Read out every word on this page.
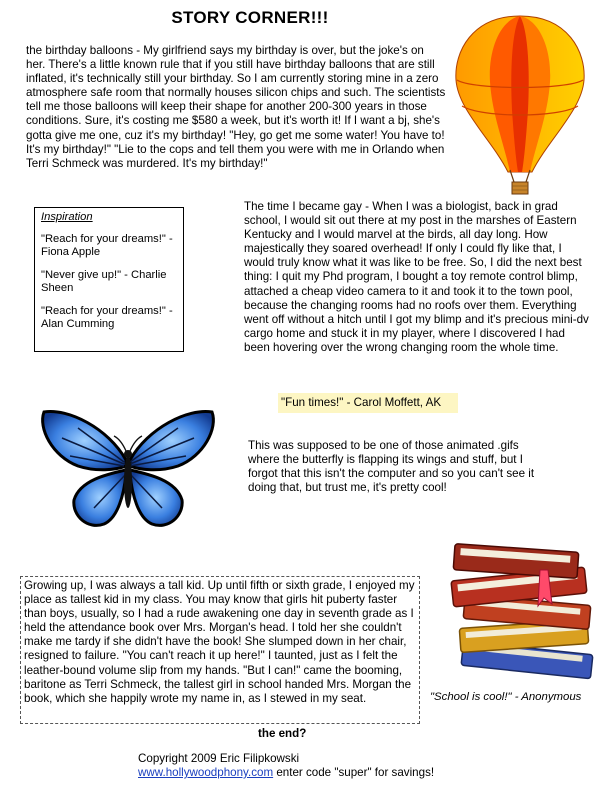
STORY CORNER!!!
the birthday balloons - My girlfriend says my birthday is over, but the joke's on her. There's a little known rule that if you still have birthday balloons that are still inflated, it's technically still your birthday. So I am currently storing mine in a zero atmosphere safe room that normally houses silicon chips and such. The scientists tell me those balloons will keep their shape for another 200-300 years in those conditions. Sure, it's costing me $580 a week, but it's worth it! If I want a bj, she's gotta give me one, cuz it's my birthday! "Hey, go get me some water! You have to! It's my birthday!" "Lie to the cops and tell them you were with me in Orlando when Terri Schmeck was murdered. It's my birthday!"
Inspiration
"Reach for your dreams!" - Fiona Apple
"Never give up!" - Charlie Sheen
"Reach for your dreams!" - Alan Cumming
The time I became gay - When I was a biologist, back in grad school, I would sit out there at my post in the marshes of Eastern Kentucky and I would marvel at the birds, all day long. How majestically they soared overhead! If only I could fly like that, I would truly know what it was like to be free. So, I did the next best thing: I quit my Phd program, I bought a toy remote control blimp, attached a cheap video camera to it and took it to the town pool, because the changing rooms had no roofs over them. Everything went off without a hitch until I got my blimp and it's precious mini-dv cargo home and stuck it in my player, where I discovered I had been hovering over the wrong changing room the whole time.
"Fun times!" - Carol Moffett, AK
This was supposed to be one of those animated .gifs where the butterfly is flapping its wings and stuff, but I forgot that this isn't the computer and so you can't see it doing that, but trust me, it's pretty cool!
Growing up, I was always a tall kid. Up until fifth or sixth grade, I enjoyed my place as tallest kid in my class. You may know that girls hit puberty faster than boys, usually, so I had a rude awakening one day in seventh grade as I held the attendance book over Mrs. Morgan's head. I told her she couldn't make me tardy if she didn't have the book! She slumped down in her chair, resigned to failure. "You can't reach it up here!" I taunted, just as I felt the leather-bound volume slip from my hands. "But I can!" came the booming, baritone as Terri Schmeck, the tallest girl in school handed Mrs. Morgan the book, which she happily wrote my name in, as I stewed in my seat.	"School is cool!" - Anonymous
the end?
Copyright 2009 Eric Filipkowski
www.hollywoodphony.com enter code "super" for savings!
